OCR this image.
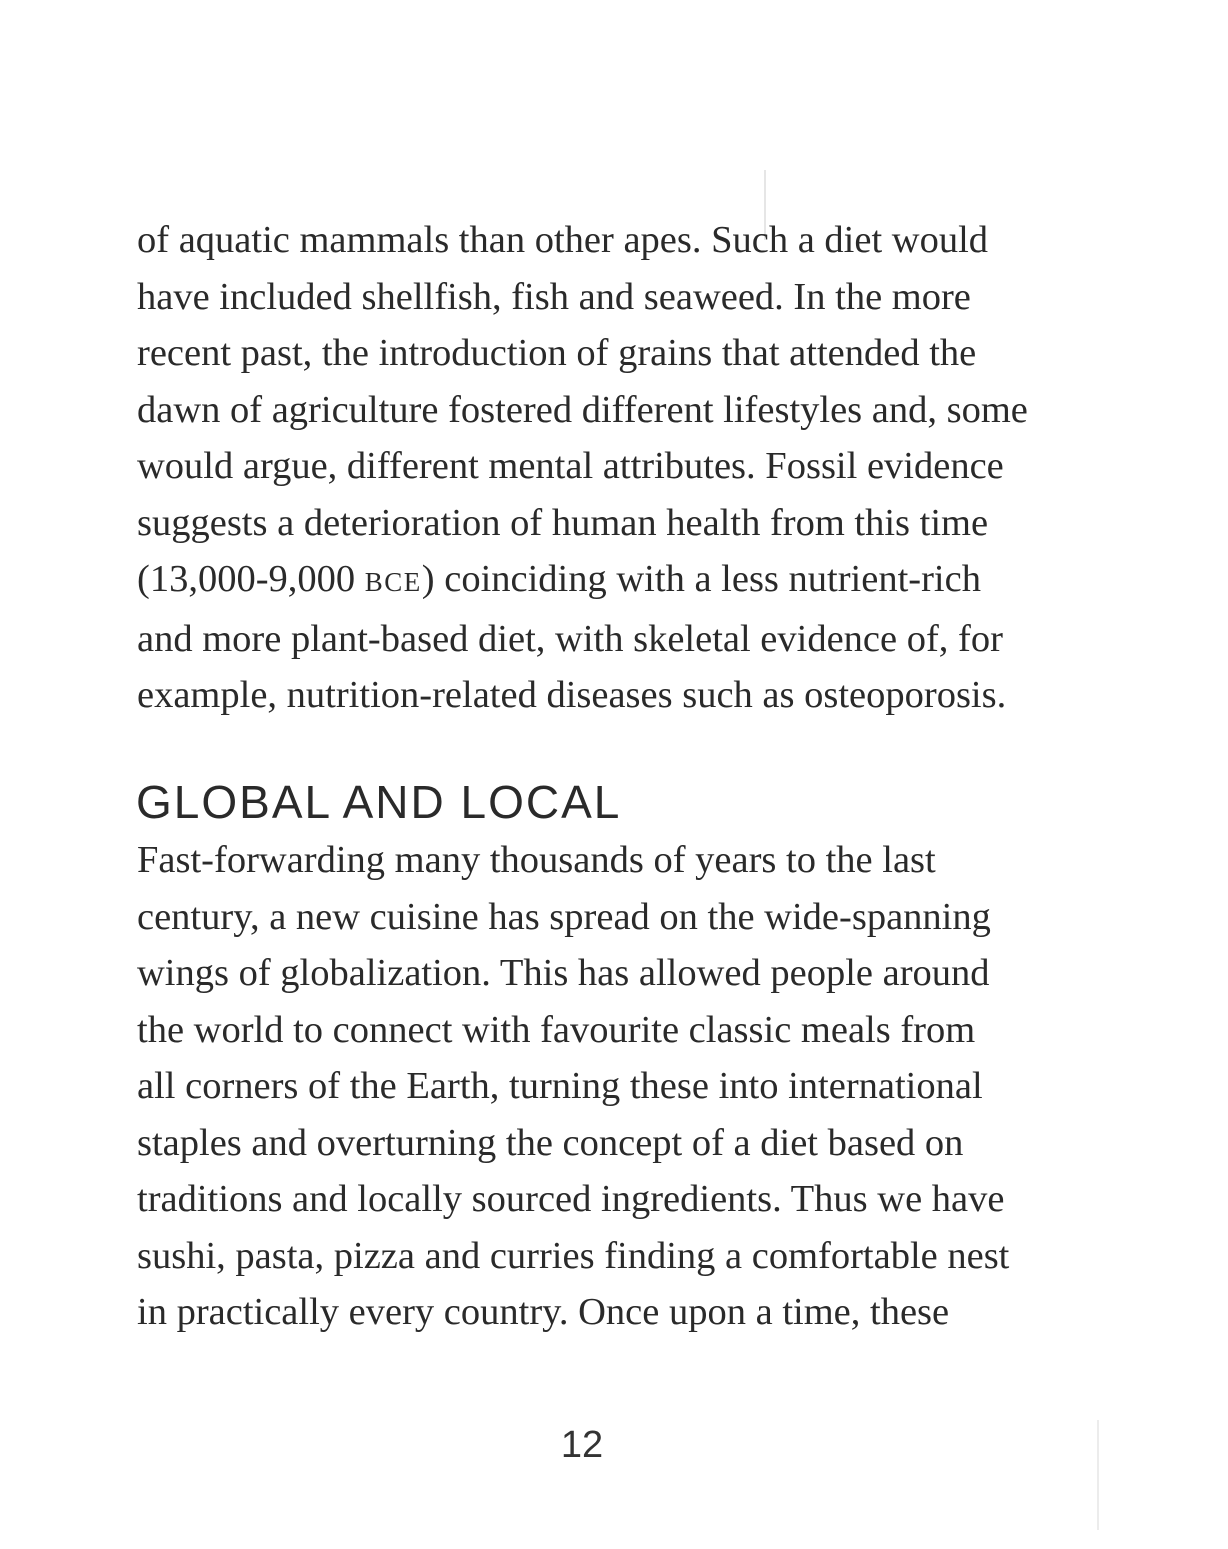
of aquatic mammals than other apes. Such a diet would
have included shellfish, fish and seaweed. In the more
recent past, the introduction of grains that attended the
dawn of agriculture fostered different lifestyles and, some
would argue, different mental attributes. Fossil evidence
suggests a deterioration of human health from this time
(13,000-9,000 BCE) coinciding with a less nutrient-rich
and more plant-based diet, with skeletal evidence of, for
example, nutrition-related diseases such as osteoporosis.

GLOBAL AND LOCAL

Fast-forwarding many thousands of years to the last
century, a new cuisine has spread on the wide-spanning
wings of globalization. This has allowed people around
the world to connect with favourite classic meals from
all corners of the Earth, turning these into international
staples and overturning the concept of a diet based on
traditions and locally sourced ingredients. Thus we have
sushi, pasta, pizza and curries finding a comfortable nest
in practically every country. Once upon a time, these

12
